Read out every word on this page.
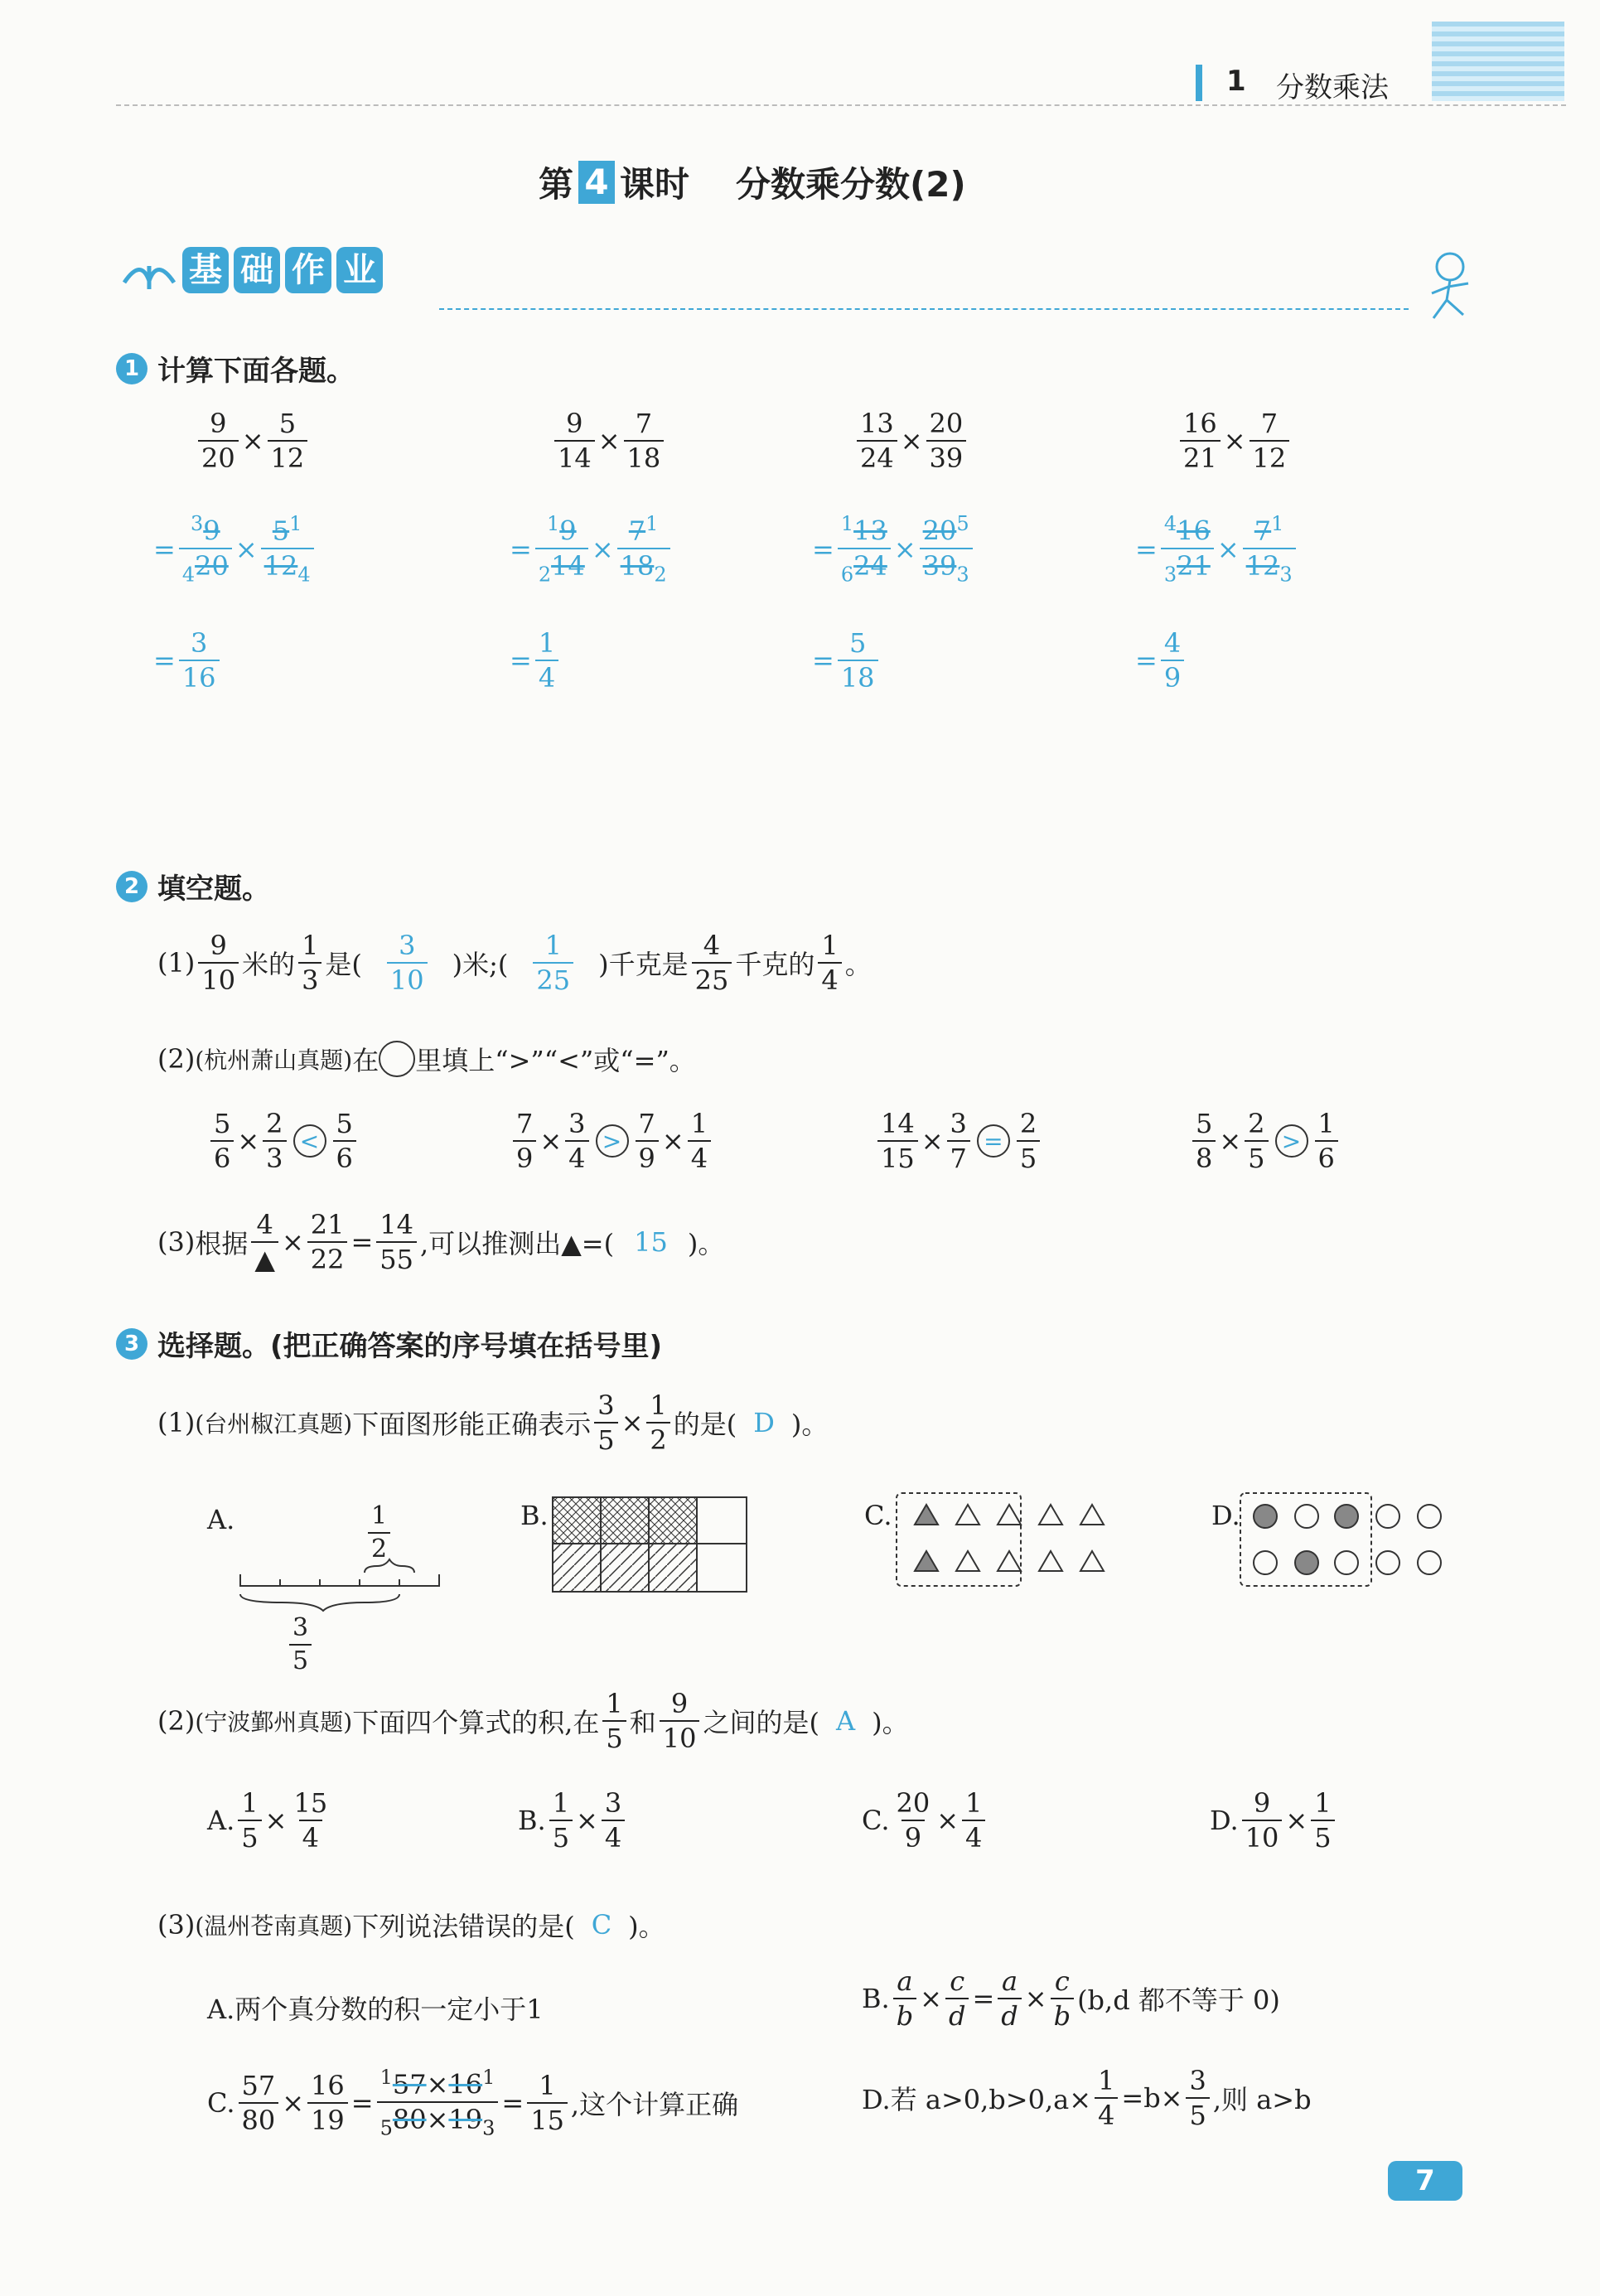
1 分数乘法
第 4 课时 分数乘分数(2)
基 础 作 业
1 计算下面各题。
$\frac{9}{20} \times \frac{5}{12}$
= $\frac{^39}{_420} \times \frac{5^1}{12_4}$
= $\frac{3}{16}$
$\frac{9}{14} \times \frac{7}{18}$
= $\frac{^19}{_214} \times \frac{7^1}{18_2}$
= $\frac{1}{4}$
$\frac{13}{24} \times \frac{20}{39}$
= $\frac{^113}{_624} \times \frac{20^5}{39_3}$
= $\frac{5}{18}$
$\frac{16}{21} \times \frac{7}{12}$
= $\frac{^416}{_321} \times \frac{7^1}{12_3}$
= $\frac{4}{9}$
2 填空题。
$(1) \frac{9}{10}$ 米的 $\frac{1}{3}$ 是( $\frac{3}{10}$ )米;( $\frac{1}{25}$ )千克是 $\frac{4}{25}$ 千克的 $\frac{1}{4}$ 。
(2) (杭州萧山真题) 在 里填上“>”“<”或“=”。
$\frac{5}{6} \times \frac{2}{3} < \frac{5}{6}$	$\frac{7}{9} \times \frac{3}{4} > \frac{7}{9} \times \frac{1}{4}$	$\frac{14}{15} \times \frac{3}{7} = \frac{2}{5}$	$\frac{5}{8} \times \frac{2}{5} > \frac{1}{6}$
(3) 根据 $\frac{4}{▲} \times \frac{21}{22} = \frac{14}{55}$ ,可以推测出▲=( 15 )。
3 选择题。(把正确答案的序号填在括号里)
(1) (台州椒江真题) 下面图形能正确表示 $\frac{3}{5} \times \frac{1}{2}$ 的是( D )。
A.	$\frac{1}{2}$
$\frac{3}{5}$
B.	C.	D.
(2) (宁波鄞州真题) 下面四个算式的积,在 $\frac{1}{5}$ 和 $\frac{9}{10}$ 之间的是( A )。
A. $\frac{1}{5} \times \frac{15}{4}$	B. $\frac{1}{5} \times \frac{3}{4}$	C. $\frac{20}{9} \times \frac{1}{4}$	D. $\frac{9}{10} \times \frac{1}{5}$
(3) (温州苍南真题) 下列说法错误的是( C )。
A.两个真分数的积一定小于1	B. $\frac{a}{b} \times \frac{c}{d} = \frac{a}{d} \times \frac{c}{b} (b,d$ 都不等于 0)
C. $\frac{57}{80} \times \frac{16}{19} = \frac{^157\times 16^1}{_580\times 19_3} = \frac{1}{15}$ ,这个计算正确	D.若 $a>0,b>0,a\times \frac{1}{4} =b\times \frac{3}{5}$ ,则 a>b
7
